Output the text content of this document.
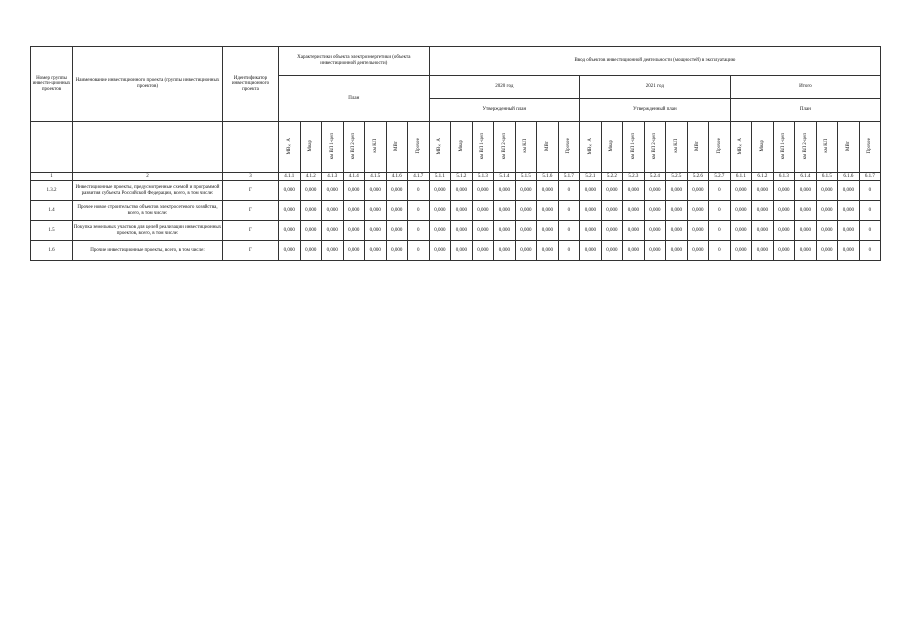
Номер группы инвести-ционных проектов	Наименование инвестиционного проекта (группы инвестиционных проектов)	Идентификатор инвестиционного проекта	Характеристики объекта электроэнергетики (объекта инвестиционной деятельности)							Ввод объектов инвестиционной деятельности (мощностей) в эксплуатацию																				
			План							2020 год							2021 год							Итого						
										Утвержденный план							Утвержденный план							План						
			МВ×А	Мвар	км ВЛ 1-цеп	км ВЛ 2-цеп	км КЛ	МВт	Прочее	МВ×А	Мвар	км ВЛ 1-цеп	км ВЛ 2-цеп	км КЛ	МВт	Прочее	МВ×А	Мвар	км ВЛ 1-цеп	км ВЛ 2-цеп	км КЛ	МВт	Прочее	МВ×А	Мвар	км ВЛ 1-цеп	км ВЛ 2-цеп	км КЛ	МВт	Прочее
1	2	3	4.1.1	4.1.2	4.1.3	4.1.4	4.1.5	4.1.6	4.1.7	5.1.1	5.1.2	5.1.3	5.1.4	5.1.5	5.1.6	5.1.7	5.2.1	5.2.2	5.2.3	5.2.4	5.2.5	5.2.6	5.2.7	6.1.1	6.1.2	6.1.3	6.1.4	6.1.5	6.1.6	6.1.7
1.3.2	Инвестиционные проекты, предусмотренные схемой и программой развития субъекта Российской Федерации, всего, в том числе:	Г	0,000	0,000	0,000	0,000	0,000	0,000	0	0,000	0,000	0,000	0,000	0,000	0,000	0	0,000	0,000	0,000	0,000	0,000	0,000	0	0,000	0,000	0,000	0,000	0,000	0,000	0
1.4	Прочее новое строительство объектов электросетевого хозяйства, всего, в том числе:	Г	0,000	0,000	0,000	0,000	0,000	0,000	0	0,000	0,000	0,000	0,000	0,000	0,000	0	0,000	0,000	0,000	0,000	0,000	0,000	0	0,000	0,000	0,000	0,000	0,000	0,000	0
1.5	Покупка земельных участков для целей реализации инвестиционных проектов, всего, в том числе:	Г	0,000	0,000	0,000	0,000	0,000	0,000	0	0,000	0,000	0,000	0,000	0,000	0,000	0	0,000	0,000	0,000	0,000	0,000	0,000	0	0,000	0,000	0,000	0,000	0,000	0,000	0
1.6	Прочие инвестиционные проекты, всего, в том числе:	Г	0,000	0,000	0,000	0,000	0,000	0,000	0	0,000	0,000	0,000	0,000	0,000	0,000	0	0,000	0,000	0,000	0,000	0,000	0,000	0	0,000	0,000	0,000	0,000	0,000	0,000	0
